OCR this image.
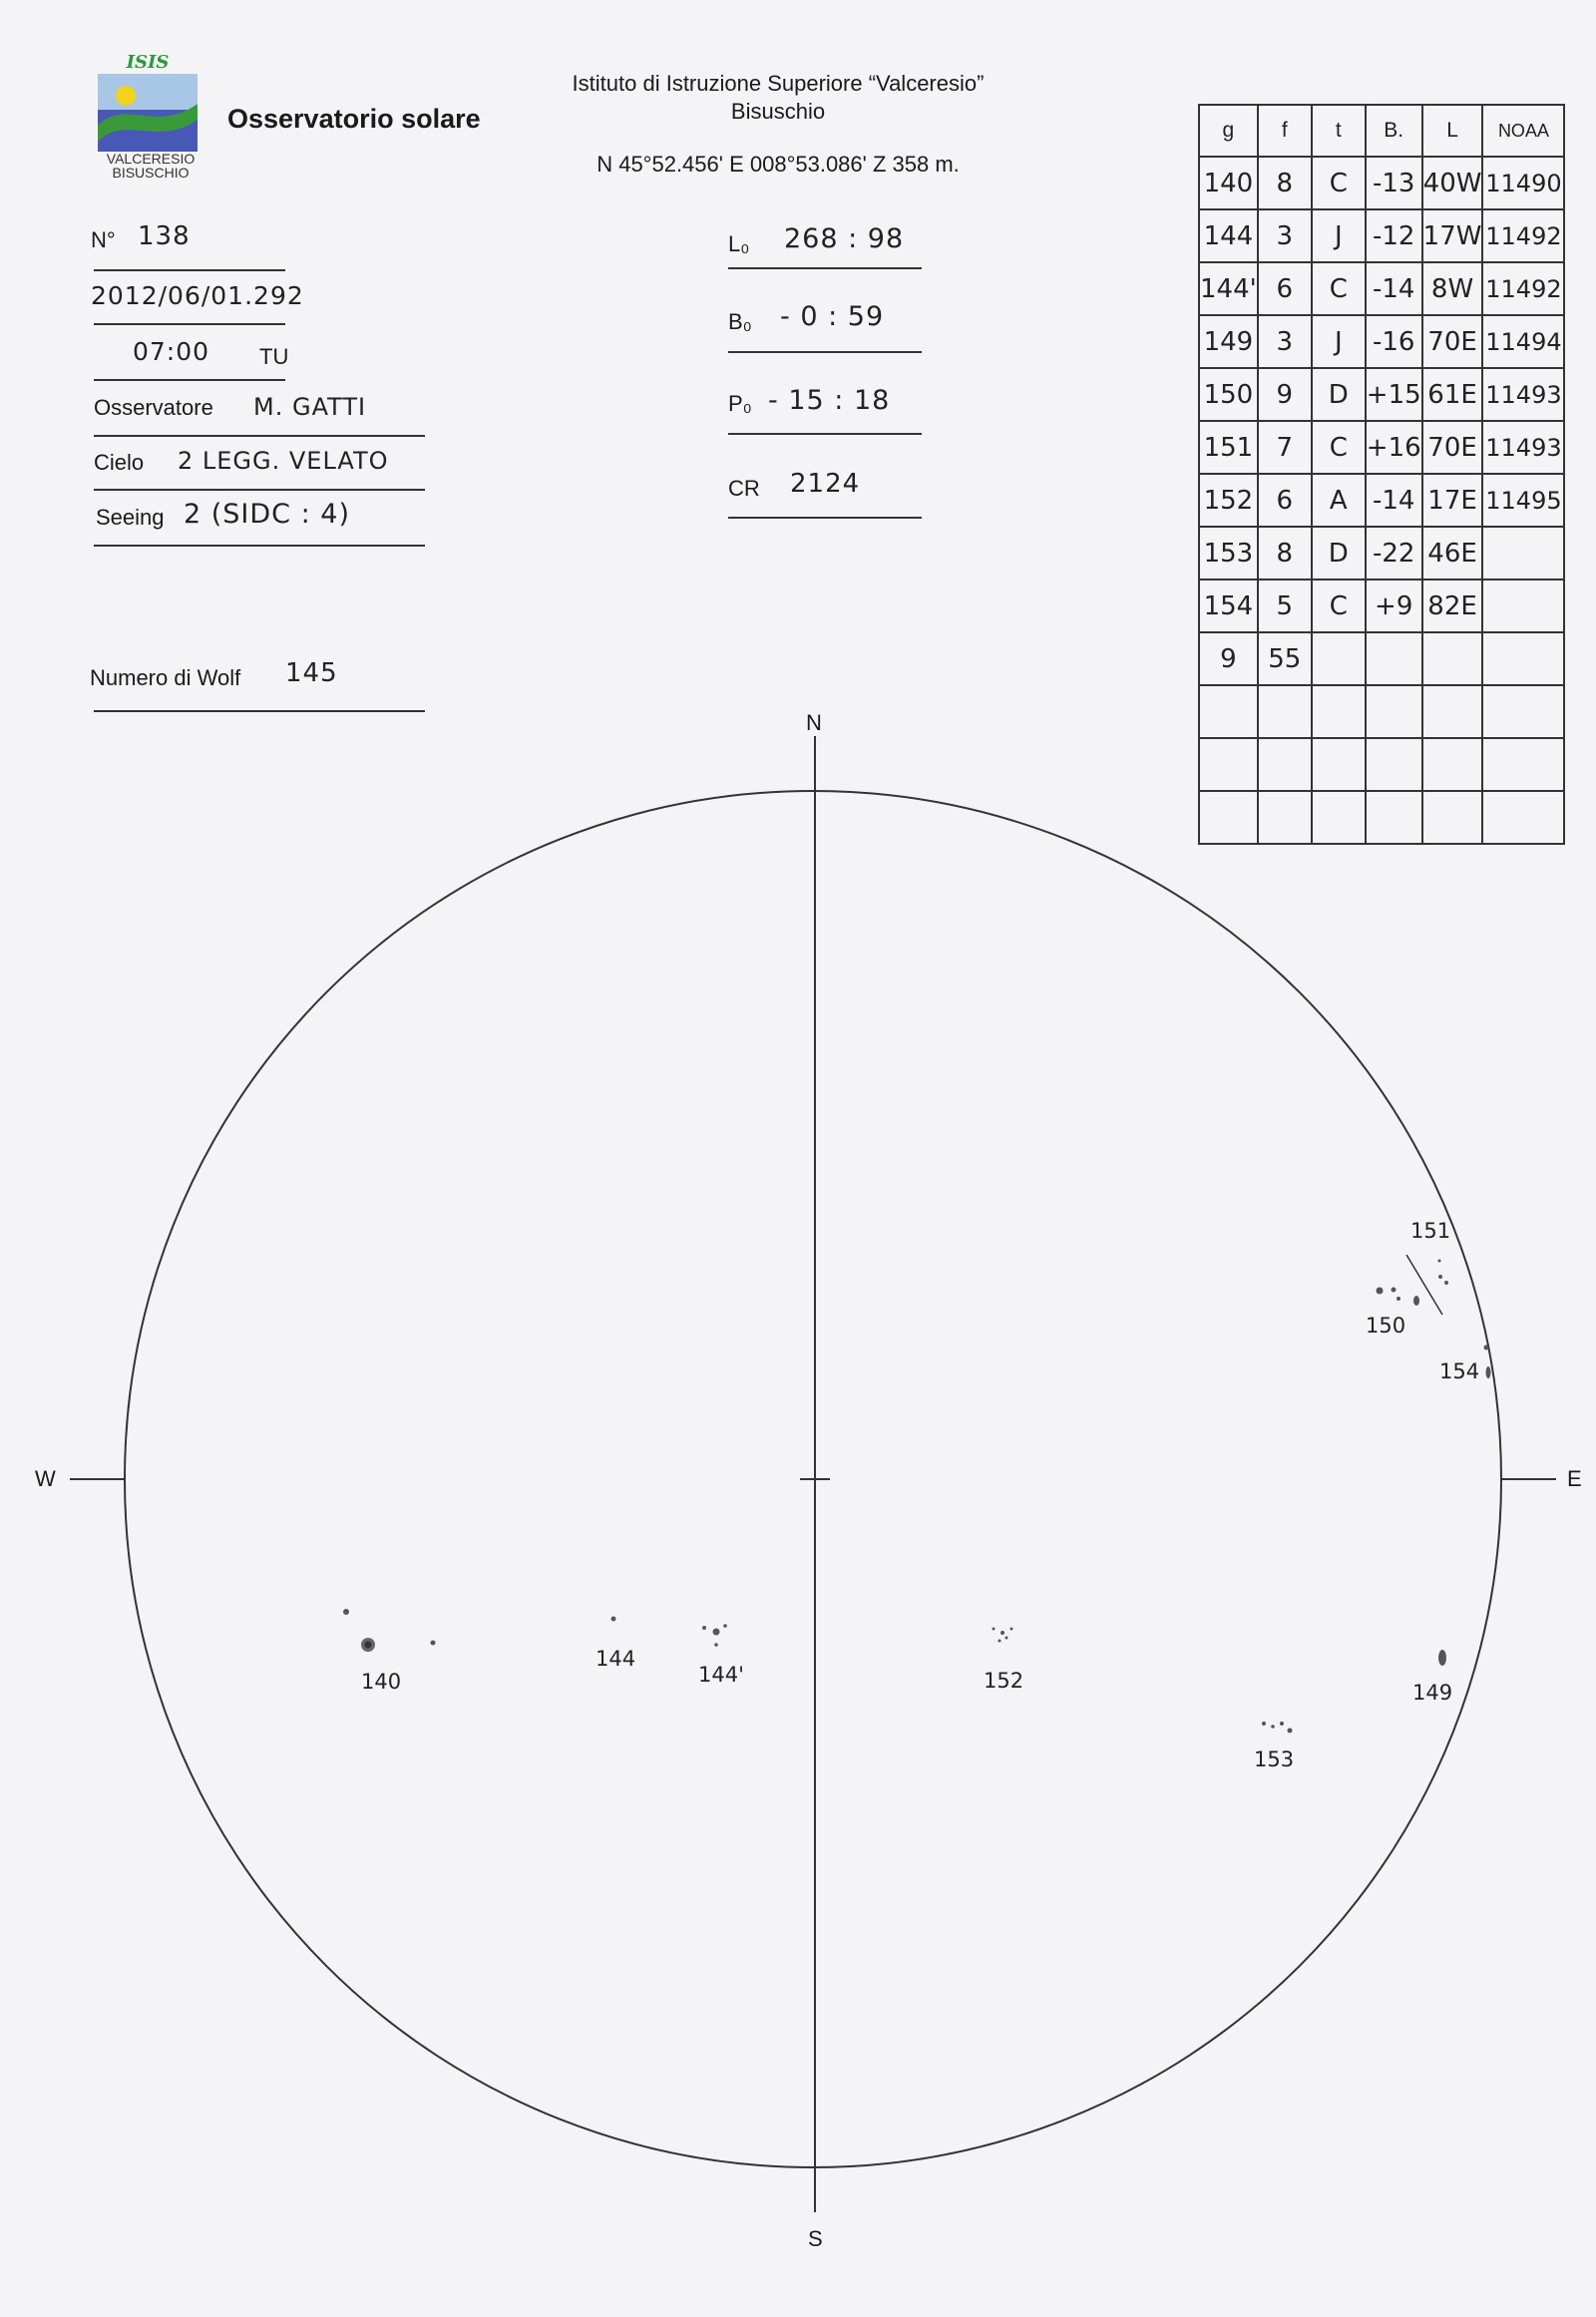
ISIS
VALCERESIO
BISUSCHIO
Osservatorio solare
Istituto di Istruzione Superiore “Valceresio”
Bisuschio
N 45°52.456' E 008°53.086' Z 358 m.
N° 138
2012/06/01.292
07:00 TU
Osservatore M. GATTI
Cielo 2 LEGG. VELATO
Seeing 2 (SIDC : 4)
Numero di Wolf 145
L₀ 268 : 98
B₀ - 0 : 59
P₀ - 15 : 18
CR 2124
g	f	t	B.	L	NOAA
140	8	C	-13	40W	11490
144	3	J	-12	17W	11492
144'	6	C	-14	8W	11492
149	3	J	-16	70E	11494
150	9	D	+15	61E	11493
151	7	C	+16	70E	11493
152	6	A	-14	17E	11495
153	8	D	-22	46E	
154	5	C	+9	82E	
9	55				

N
S
W	E
140
144
144'
149
150
151
152
153
154
